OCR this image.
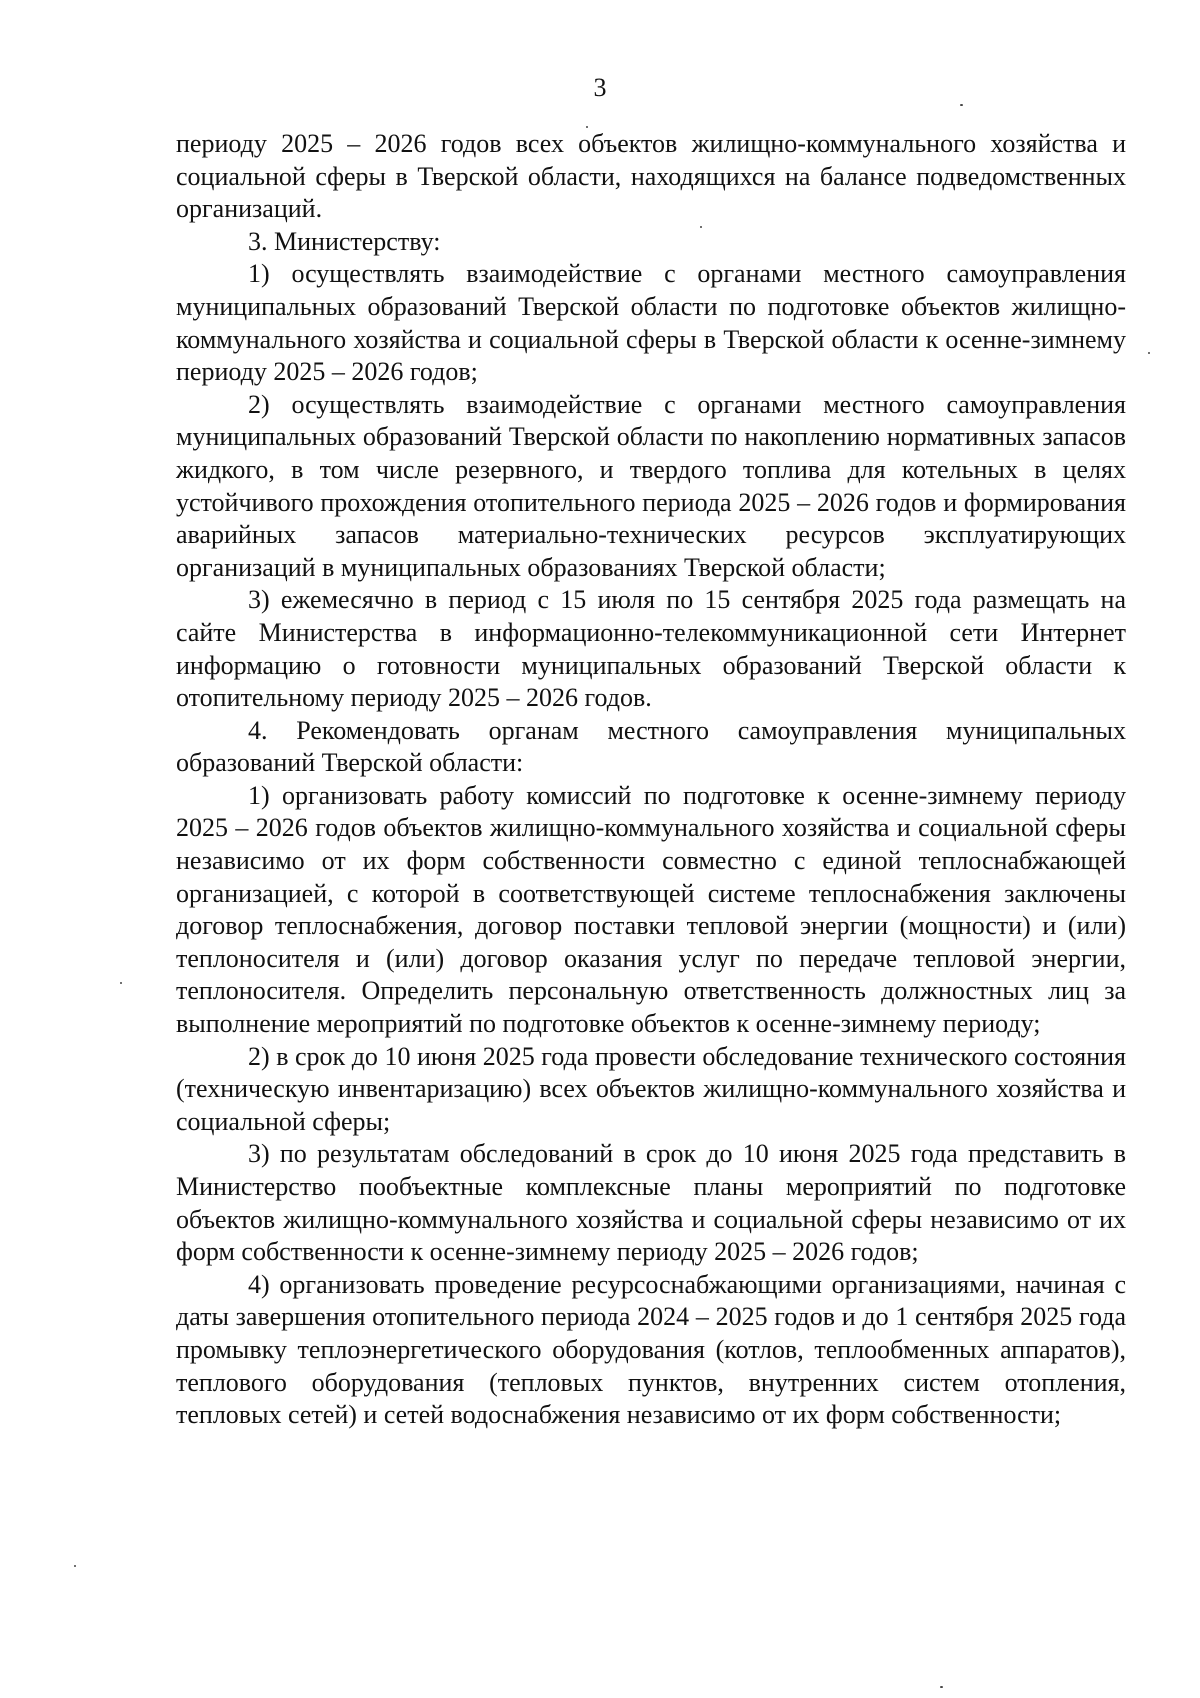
3

периоду 2025 – 2026 годов всех объектов жилищно-коммунального хозяйства и социальной сферы в Тверской области, находящихся на балансе подведомственных организаций.

3. Министерству:

1) осуществлять взаимодействие с органами местного самоуправления муниципальных образований Тверской области по подготовке объектов жилищно-коммунального хозяйства и социальной сферы в Тверской области к осенне-зимнему периоду 2025 – 2026 годов;

2) осуществлять взаимодействие с органами местного самоуправления муниципальных образований Тверской области по накоплению нормативных запасов жидкого, в том числе резервного, и твердого топлива для котельных в целях устойчивого прохождения отопительного периода 2025 – 2026 годов и формирования аварийных запасов материально-технических ресурсов эксплуатирующих организаций в муниципальных образованиях Тверской области;

3) ежемесячно в период с 15 июля по 15 сентября 2025 года размещать на сайте Министерства в информационно-телекоммуникационной сети Интернет информацию о готовности муниципальных образований Тверской области к отопительному периоду 2025 – 2026 годов.

4. Рекомендовать органам местного самоуправления муниципальных образований Тверской области:

1) организовать работу комиссий по подготовке к осенне-зимнему периоду 2025 – 2026 годов объектов жилищно-коммунального хозяйства и социальной сферы независимо от их форм собственности совместно с единой теплоснабжающей организацией, с которой в соответствующей системе теплоснабжения заключены договор теплоснабжения, договор поставки тепловой энергии (мощности) и (или) теплоносителя и (или) договор оказания услуг по передаче тепловой энергии, теплоносителя. Определить персональную ответственность должностных лиц за выполнение мероприятий по подготовке объектов к осенне-зимнему периоду;

2) в срок до 10 июня 2025 года провести обследование технического состояния (техническую инвентаризацию) всех объектов жилищно-коммунального хозяйства и социальной сферы;

3) по результатам обследований в срок до 10 июня 2025 года представить в Министерство пообъектные комплексные планы мероприятий по подготовке объектов жилищно-коммунального хозяйства и социальной сферы независимо от их форм собственности к осенне-зимнему периоду 2025 – 2026 годов;

4) организовать проведение ресурсоснабжающими организациями, начиная с даты завершения отопительного периода 2024 – 2025 годов и до 1 сентября 2025 года промывку теплоэнергетического оборудования (котлов, теплообменных аппаратов), теплового оборудования (тепловых пунктов, внутренних систем отопления, тепловых сетей) и сетей водоснабжения независимо от их форм собственности;
